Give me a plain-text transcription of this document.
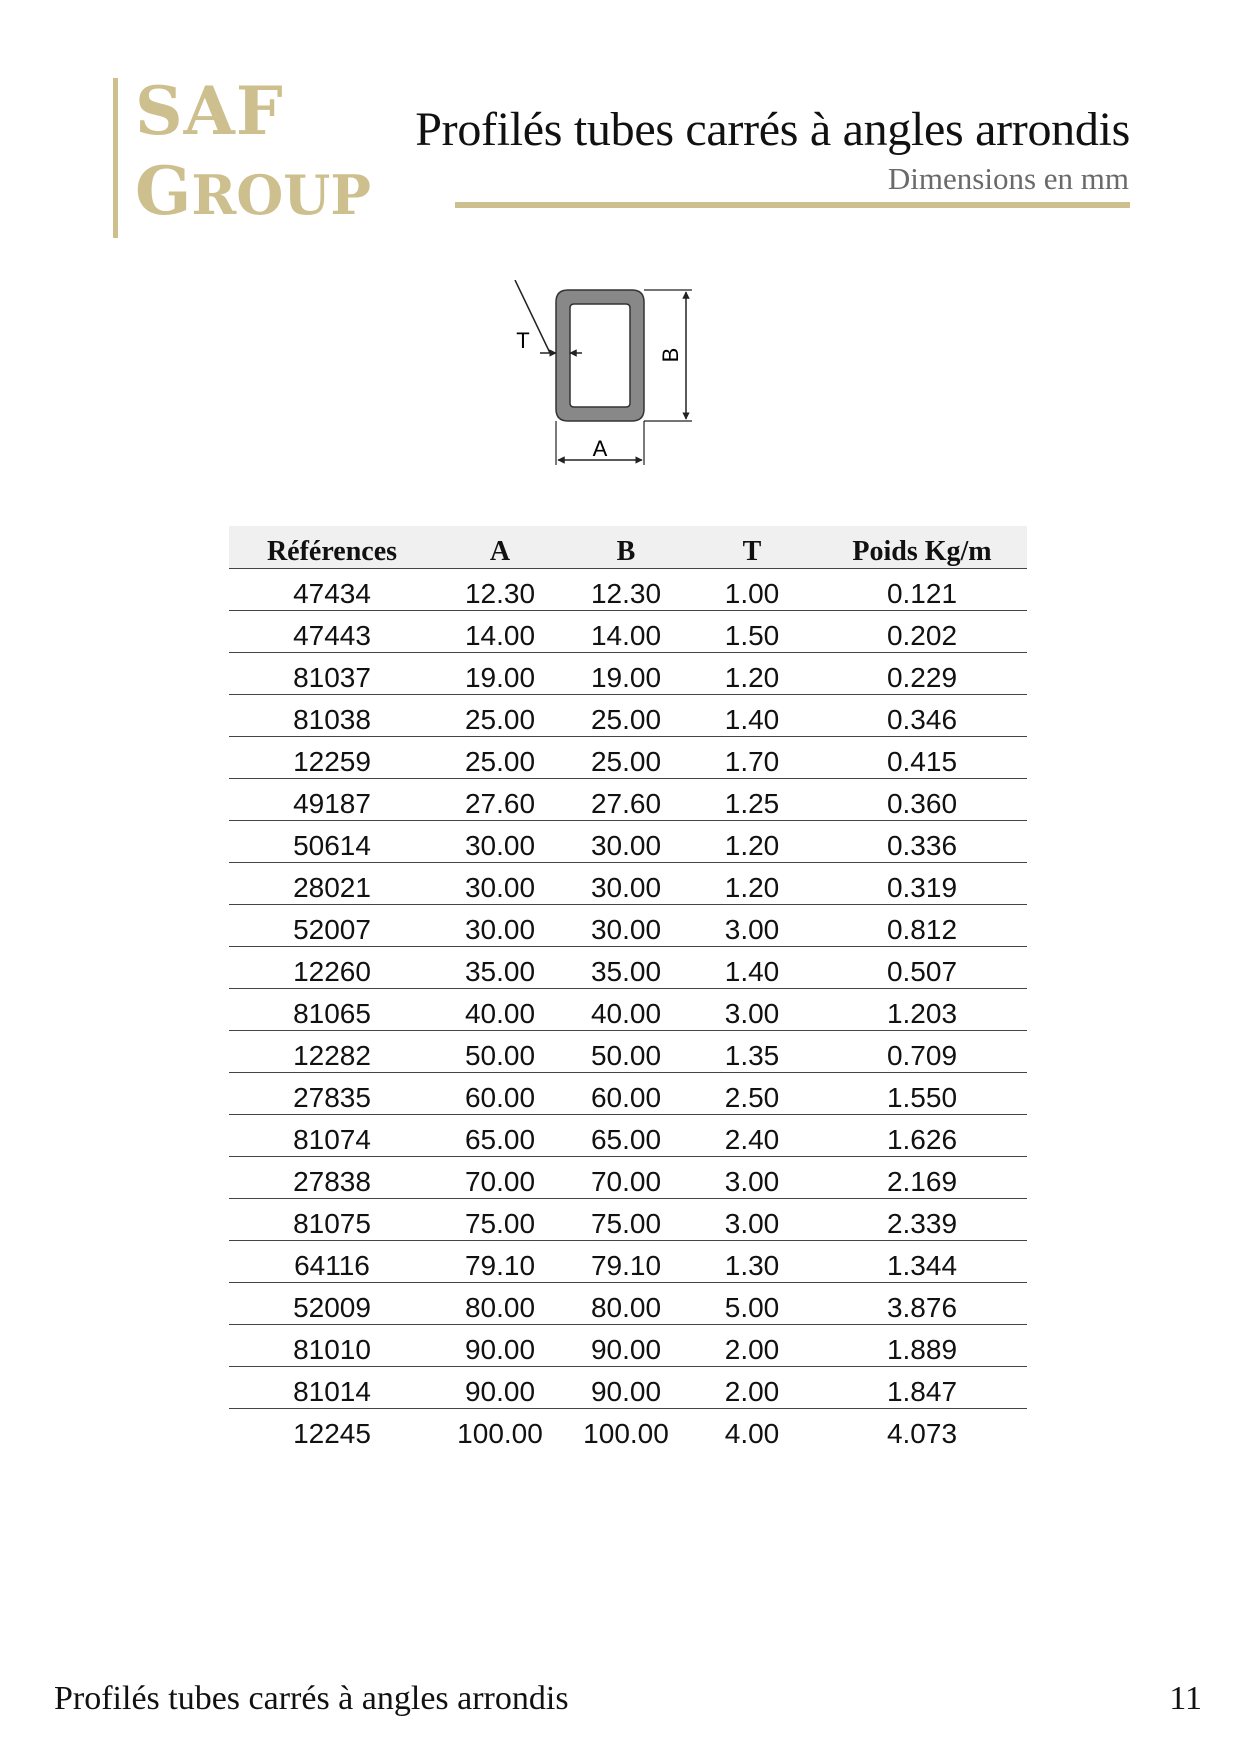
SAF
GROUP
Profilés tubes carrés à angles arrondis
Dimensions en mm
T
B
A
Références	A	B	T	Poids Kg/m
47434	12.30	12.30	1.00	0.121
47443	14.00	14.00	1.50	0.202
81037	19.00	19.00	1.20	0.229
81038	25.00	25.00	1.40	0.346
12259	25.00	25.00	1.70	0.415
49187	27.60	27.60	1.25	0.360
50614	30.00	30.00	1.20	0.336
28021	30.00	30.00	1.20	0.319
52007	30.00	30.00	3.00	0.812
12260	35.00	35.00	1.40	0.507
81065	40.00	40.00	3.00	1.203
12282	50.00	50.00	1.35	0.709
27835	60.00	60.00	2.50	1.550
81074	65.00	65.00	2.40	1.626
27838	70.00	70.00	3.00	2.169
81075	75.00	75.00	3.00	2.339
64116	79.10	79.10	1.30	1.344
52009	80.00	80.00	5.00	3.876
81010	90.00	90.00	2.00	1.889
81014	90.00	90.00	2.00	1.847
12245	100.00	100.00	4.00	4.073
Profilés tubes carrés à angles arrondis	11
